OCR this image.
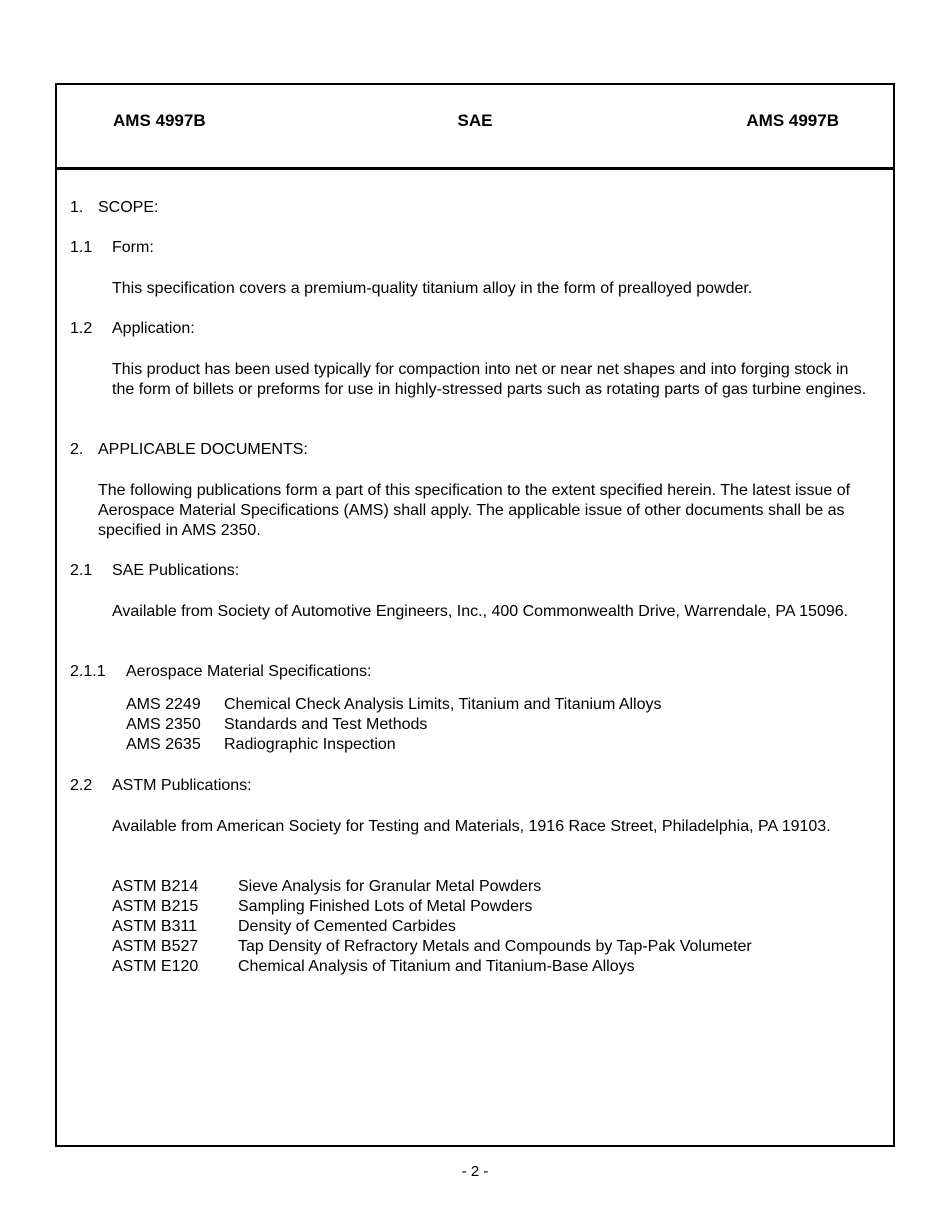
AMS 4997B	SAE	AMS 4997B
1. SCOPE:
1.1 Form:
This specification covers a premium-quality titanium alloy in the form of prealloyed powder.
1.2 Application:
This product has been used typically for compaction into net or near net shapes and into forging stock in the form of billets or preforms for use in highly-stressed parts such as rotating parts of gas turbine engines.
2. APPLICABLE DOCUMENTS:
The following publications form a part of this specification to the extent specified herein. The latest issue of Aerospace Material Specifications (AMS) shall apply. The applicable issue of other documents shall be as specified in AMS 2350.
2.1 SAE Publications:
Available from Society of Automotive Engineers, Inc., 400 Commonwealth Drive, Warrendale, PA 15096.
2.1.1 Aerospace Material Specifications:
AMS 2249 Chemical Check Analysis Limits, Titanium and Titanium Alloys
AMS 2350 Standards and Test Methods
AMS 2635 Radiographic Inspection
2.2 ASTM Publications:
Available from American Society for Testing and Materials, 1916 Race Street, Philadelphia, PA 19103.
ASTM B214 Sieve Analysis for Granular Metal Powders
ASTM B215 Sampling Finished Lots of Metal Powders
ASTM B311	Density of Cemented Carbides
ASTM B527 Tap Density of Refractory Metals and Compounds by Tap-Pak Volumeter
ASTM E120 Chemical Analysis of Titanium and Titanium-Base Alloys
- 2 -
